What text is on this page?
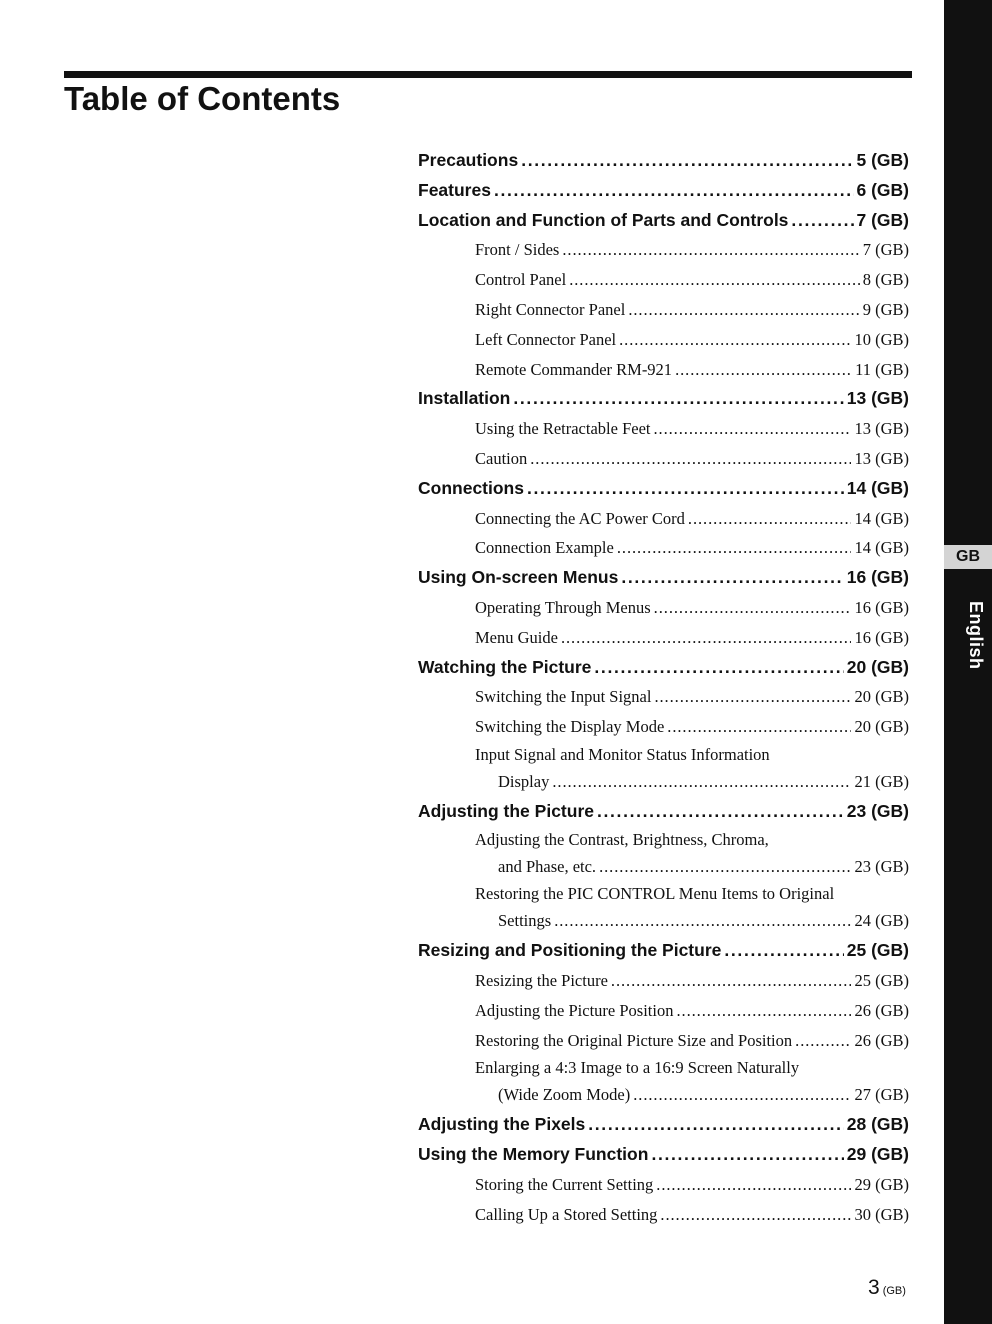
GB
English
Table of Contents
Precautions . . .	5 (GB)
Features . . .	6 (GB)
Location and Function of Parts and Controls . . .	7 (GB)
Front / Sides . . .	7 (GB)
Control Panel . . .	8 (GB)
Right Connector Panel . . .	9 (GB)
Left Connector Panel . . .	10 (GB)
Remote Commander RM-921 . . .	11 (GB)
Installation . . .	13 (GB)
Using the Retractable Feet . . .	13 (GB)
Caution . . .	13 (GB)
Connections . . .	14 (GB)
Connecting the AC Power Cord . . .	14 (GB)
Connection Example . . .	14 (GB)
Using On-screen Menus . . .	16 (GB)
Operating Through Menus . . .	16 (GB)
Menu Guide . . .	16 (GB)
Watching the Picture . . .	20 (GB)
Switching the Input Signal . . .	20 (GB)
Switching the Display Mode . . .	20 (GB)
Input Signal and Monitor Status Information
Display . . .	21 (GB)
Adjusting the Picture . . .	23 (GB)
Adjusting the Contrast, Brightness, Chroma,
and Phase, etc. . . .	23 (GB)
Restoring the PIC CONTROL Menu Items to Original
Settings . . .	24 (GB)
Resizing and Positioning the Picture . . .	25 (GB)
Resizing the Picture . . .	25 (GB)
Adjusting the Picture Position . . .	26 (GB)
Restoring the Original Picture Size and Position . . .	26 (GB)
Enlarging a 4:3 Image to a 16:9 Screen Naturally
(Wide Zoom Mode) . . .	27 (GB)
Adjusting the Pixels . . .	28 (GB)
Using the Memory Function . . .	29 (GB)
Storing the Current Setting . . .	29 (GB)
Calling Up a Stored Setting . . .	30 (GB)
3 (GB)
